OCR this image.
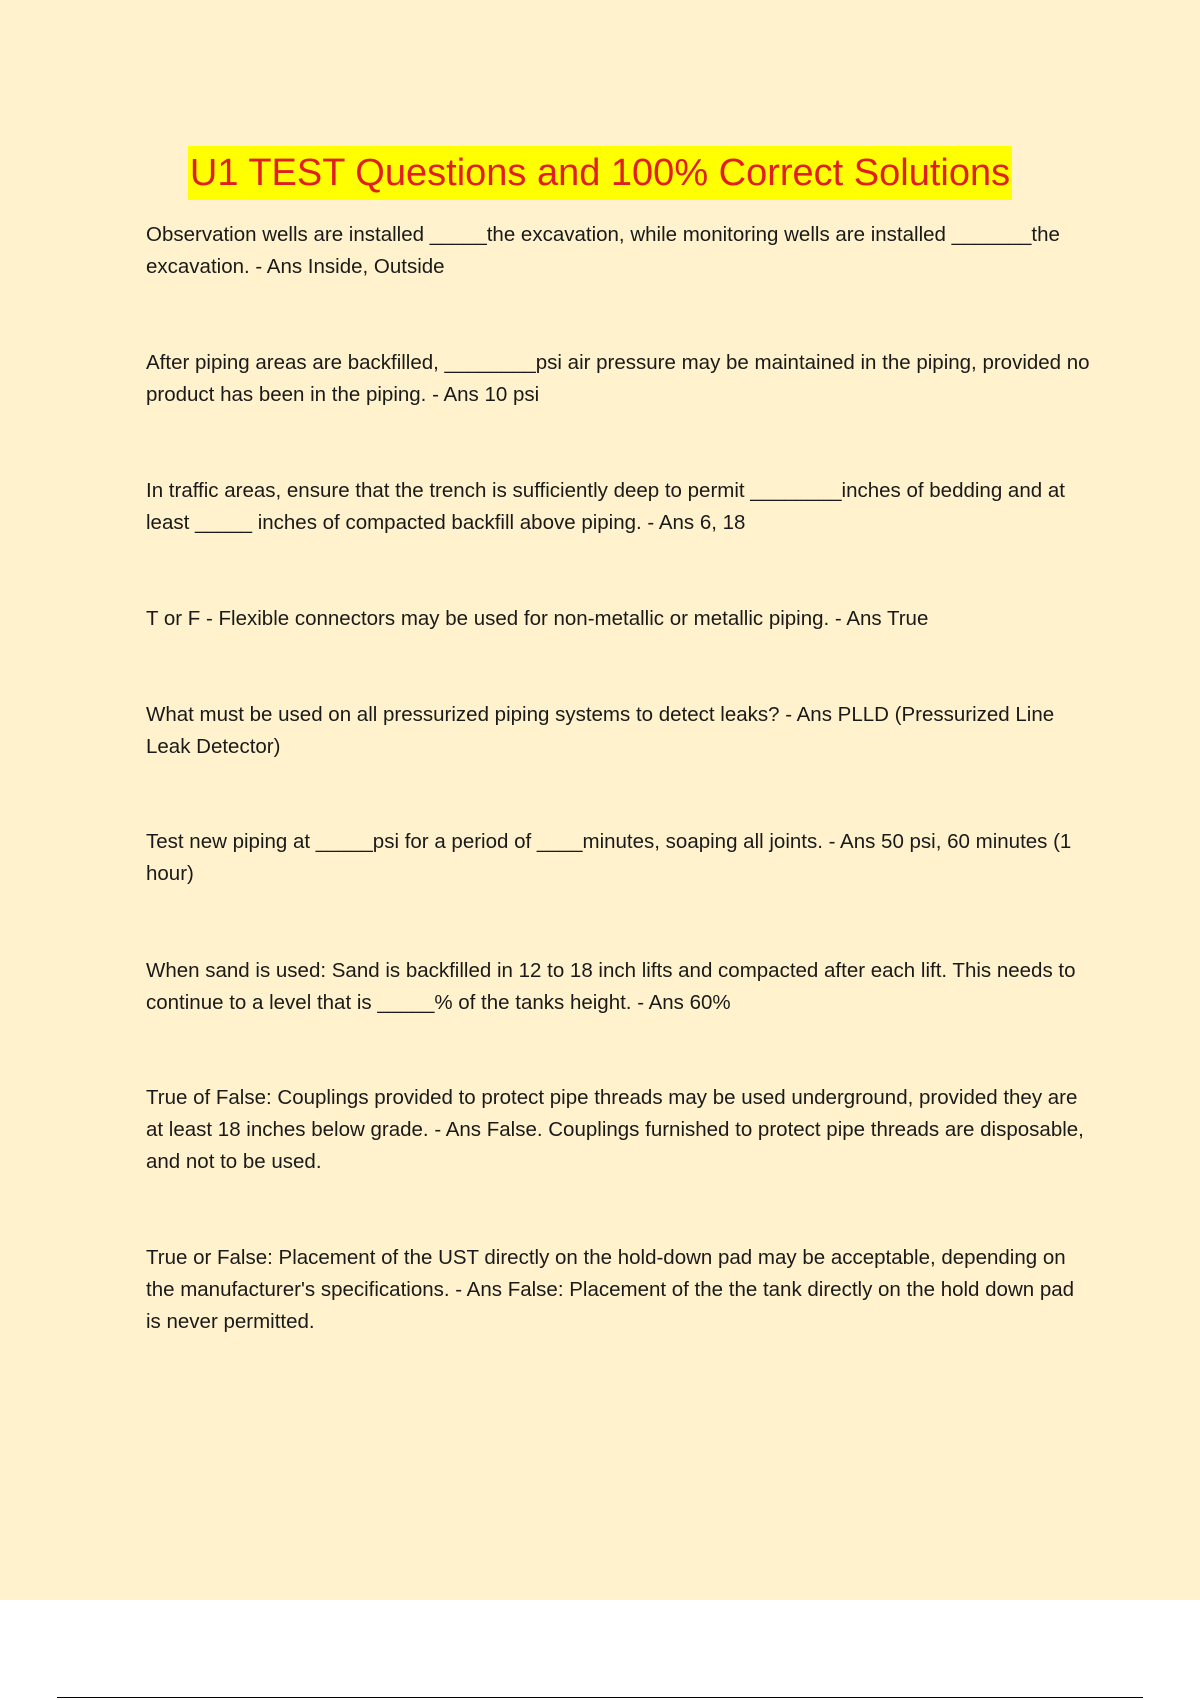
U1 TEST Questions and 100% Correct Solutions

Observation wells are installed _____the excavation, while monitoring wells are installed _______the excavation. - Ans Inside, Outside

After piping areas are backfilled, ________psi air pressure may be maintained in the piping, provided no product has been in the piping. - Ans 10 psi

In traffic areas, ensure that the trench is sufficiently deep to permit ________inches of bedding and at least _____ inches of compacted backfill above piping. - Ans 6, 18

T or F - Flexible connectors may be used for non-metallic or metallic piping. - Ans True

What must be used on all pressurized piping systems to detect leaks? - Ans PLLD (Pressurized Line Leak Detector)

Test new piping at _____psi for a period of ____minutes, soaping all joints. - Ans 50 psi, 60 minutes (1 hour)

When sand is used: Sand is backfilled in 12 to 18 inch lifts and compacted after each lift. This needs to continue to a level that is _____% of the tanks height. - Ans 60%

True of False: Couplings provided to protect pipe threads may be used underground, provided they are at least 18 inches below grade. - Ans False. Couplings furnished to protect pipe threads are disposable, and not to be used.

True or False: Placement of the UST directly on the hold-down pad may be acceptable, depending on the manufacturer's specifications. - Ans False: Placement of the the tank directly on the hold down pad is never permitted.
